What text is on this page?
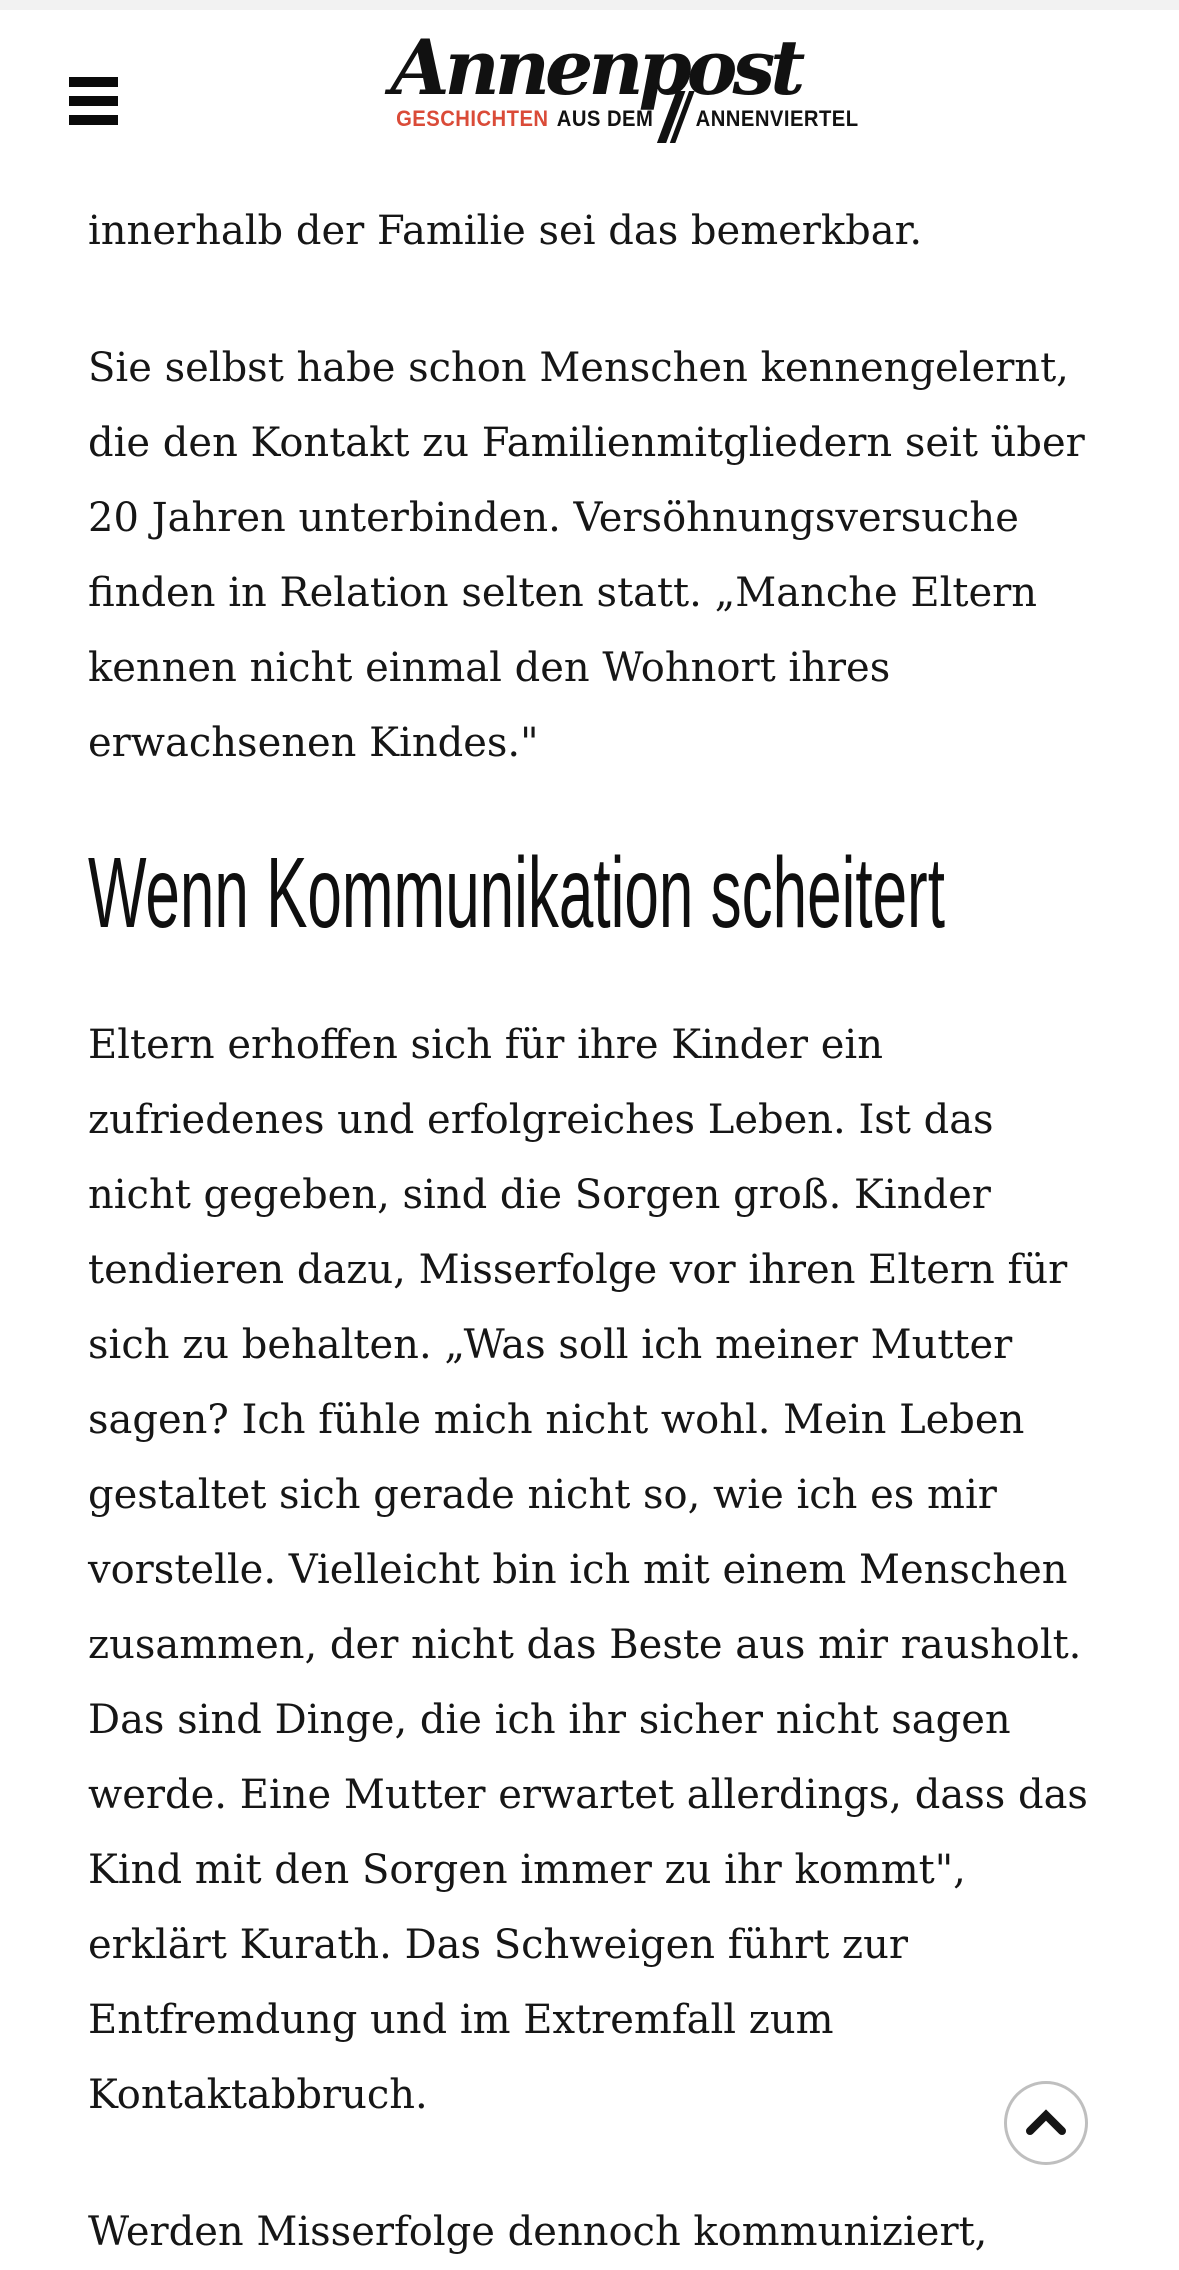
Annenpost
GESCHICHTEN AUS DEM ANNENVIERTEL

innerhalb der Familie sei das bemerkbar.

Sie selbst habe schon Menschen kennengelernt, die den Kontakt zu Familienmitgliedern seit über 20 Jahren unterbinden. Versöhnungsversuche finden in Relation selten statt. „Manche Eltern kennen nicht einmal den Wohnort ihres erwachsenen Kindes."

Wenn Kommunikation scheitert

Eltern erhoffen sich für ihre Kinder ein zufriedenes und erfolgreiches Leben. Ist das nicht gegeben, sind die Sorgen groß. Kinder tendieren dazu, Misserfolge vor ihren Eltern für sich zu behalten. „Was soll ich meiner Mutter sagen? Ich fühle mich nicht wohl. Mein Leben gestaltet sich gerade nicht so, wie ich es mir vorstelle. Vielleicht bin ich mit einem Menschen zusammen, der nicht das Beste aus mir rausholt. Das sind Dinge, die ich ihr sicher nicht sagen werde. Eine Mutter erwartet allerdings, dass das Kind mit den Sorgen immer zu ihr kommt", erklärt Kurath. Das Schweigen führt zur Entfremdung und im Extremfall zum Kontaktabbruch.

Werden Misserfolge dennoch kommuniziert,
